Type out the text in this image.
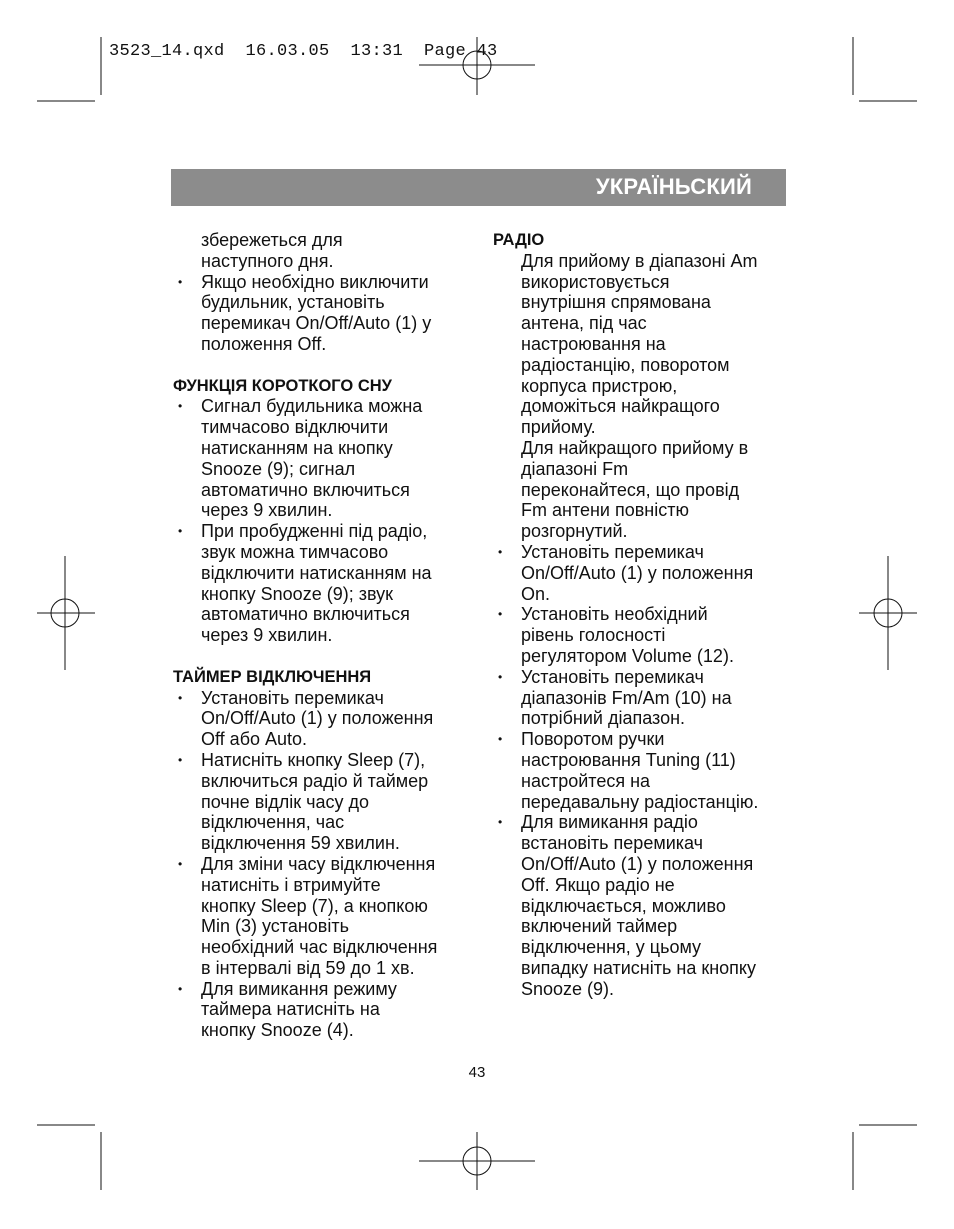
3523_14.qxd  16.03.05  13:31  Page 43
УКРАЇНЬСКИЙ
збережеться для
наступного дня.
• Якщо необхідно виключити
будильник, установіть
перемикач On/Off/Auto (1) у
положення Off.
ФУНКЦІЯ КОРОТКОГО СНУ
• Сигнал будильника можна
тимчасово відключити
натисканням на кнопку
Snooze (9); сигнал
автоматично включиться
через 9 хвилин.
• При пробудженні під радіо,
звук можна тимчасово
відключити натисканням на
кнопку Snooze (9); звук
автоматично включиться
через 9 хвилин.
ТАЙМЕР ВІДКЛЮЧЕННЯ
• Установіть перемикач
On/Off/Auto (1) у положення
Off або Auto.
• Натисніть кнопку Sleep (7),
включиться радіо й таймер
почне відлік часу до
відключення, час
відключення 59 хвилин.
• Для зміни часу відключення
натисніть і втримуйте
кнопку Sleep (7), а кнопкою
Min (3) установіть
необхідний час відключення
в інтервалі від 59 до 1 хв.
• Для вимикання режиму
таймера натисніть на
кнопку Snooze (4).
РАДІО
Для прийому в діапазоні Am
використовується
внутрішня спрямована
антена, під час
настроювання на
радіостанцію, поворотом
корпуса пристрою,
доможіться найкращого
прийому.
Для найкращого прийому в
діапазоні Fm
переконайтеся, що провід
Fm антени повністю
розгорнутий.
• Установіть перемикач
On/Off/Auto (1) у положення
On.
• Установіть необхідний
рівень голосності
регулятором Volume (12).
• Установіть перемикач
діапазонів Fm/Am (10) на
потрібний діапазон.
• Поворотом ручки
настроювання Tuning (11)
настройтеся на
передавальну радіостанцію.
• Для вимикання радіо
встановіть перемикач
On/Off/Auto (1) у положення
Off. Якщо радіо не
відключається, можливо
включений таймер
відключення, у цьому
випадку натисніть на кнопку
Snooze (9).
43
